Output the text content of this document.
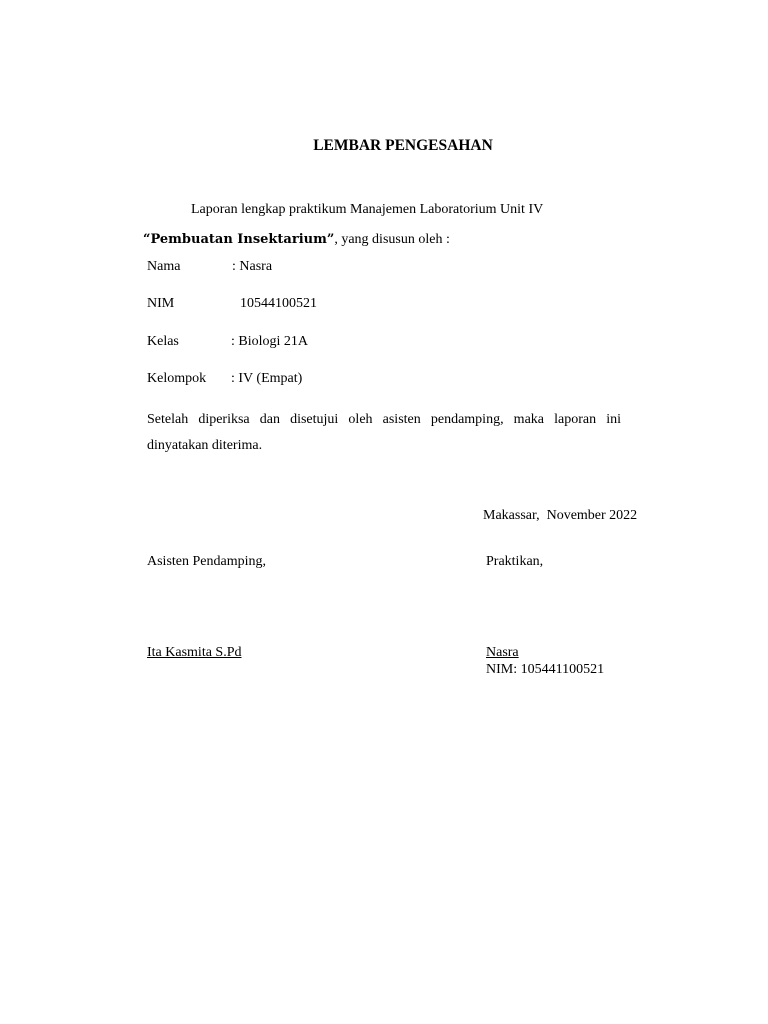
LEMBAR PENGESAHAN
Laporan lengkap praktikum Manajemen Laboratorium Unit IV
“Pembuatan Insektarium”, yang disusun oleh :
Nama	: Nasra
NIM	10544100521
Kelas	: Biologi 21A
Kelompok : IV (Empat)
Setelah diperiksa dan disetujui oleh asisten pendamping, maka laporan ini
dinyatakan diterima.
Makassar,  November 2022
Asisten Pendamping,	Praktikan,
Ita Kasmita S.Pd	Nasra
NIM: 105441100521
